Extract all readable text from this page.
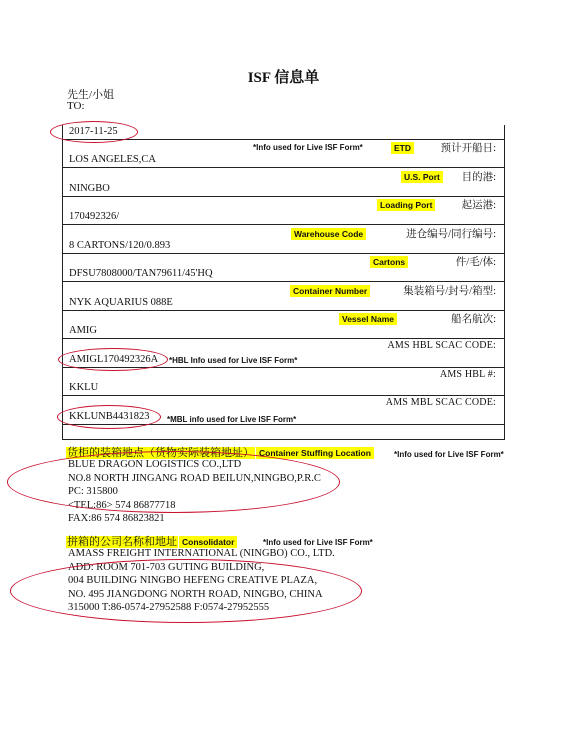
ISF 信息单
先生/小姐
TO:
2017-11-25
*Info used for Live ISF Form*	ETD	预计开船日:
LOS ANGELES,CA
U.S. Port 目的港:
NINGBO
Loading Port	起运港:
170492326/
Warehouse Code	进仓编号/同行编号:
8 CARTONS/120/0.893
Cartons	件/毛/体:
DFSU7808000/TAN79611/45'HQ
Container Number	集装箱号/封号/箱型:
NYK AQUARIUS 088E
Vessel Name	船名航次:
AMIG
AMS HBL SCAC CODE:
AMIGL170492326A *HBL Info used for Live ISF Form*
AMS HBL #:
KKLU
AMS MBL SCAC CODE:
KKLUNB4431823 *MBL info used for Live ISF Form*
货柜的装箱地点（货物实际装箱地址） Container Stuffing Location	*Info used for Live ISF Form*
BLUE DRAGON LOGISTICS CO.,LTD
NO.8 NORTH JINGANG ROAD BEILUN,NINGBO,P.R.C
PC: 315800
<TEL:86> 574 86877718
FAX:86 574 86823821
拼箱的公司名称和地址 Consolidator	*Info used for Live ISF Form*
AMASS FREIGHT INTERNATIONAL (NINGBO) CO., LTD.
ADD: ROOM 701-703 GUTING BUILDING,
004 BUILDING NINGBO HEFENG CREATIVE PLAZA,
NO. 495 JIANGDONG NORTH ROAD, NINGBO, CHINA
315000 T:86-0574-27952588 F:0574-27952555
